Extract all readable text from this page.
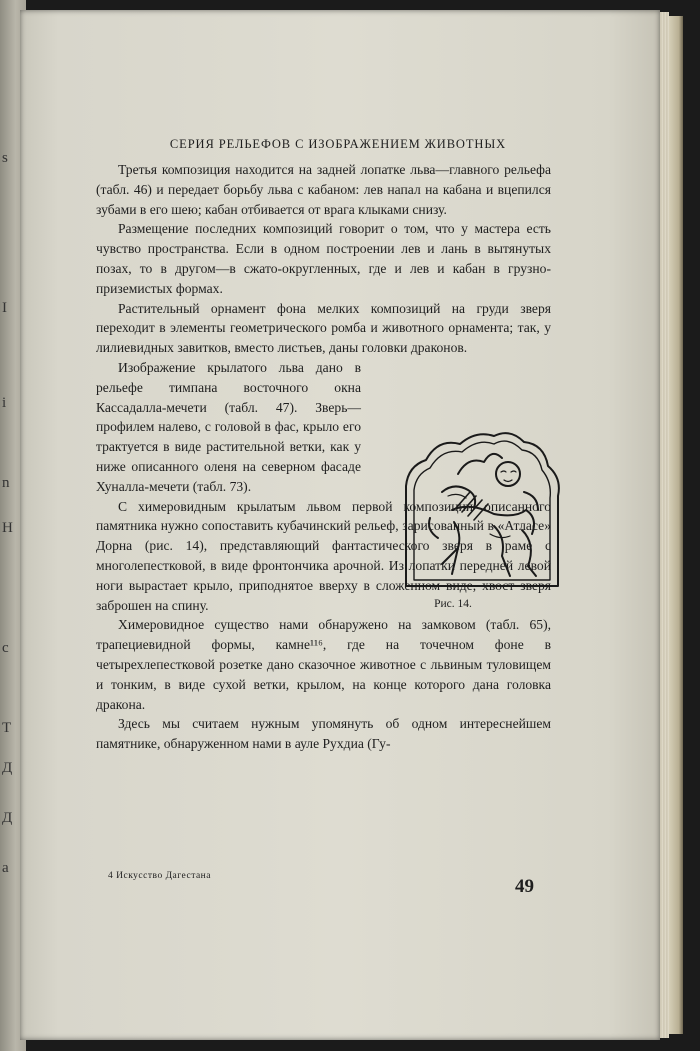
s
I
i
n
H
c
T
Д
Д
a
СЕРИЯ РЕЛЬЕФОВ С ИЗОБРАЖЕНИЕМ ЖИВОТНЫХ

Третья композиция находится на задней лопатке льва—главного рельефа (табл. 46) и передает борьбу льва с кабаном: лев напал на кабана и вцепился зубами в его шею; кабан отбивается от врага клыками снизу.

Размещение последних композиций говорит о том, что у мастера есть чувство пространства. Если в одном построении лев и лань в вытянутых позах, то в другом—в сжато-округленных, где и лев и кабан в грузно-приземистых формах.

Растительный орнамент фона мелких композиций на груди зверя переходит в элементы геометрического ромба и животного орнамента; так, у лилиевидных завитков, вместо листьев, даны головки драконов.

Изображение крылатого льва дано в рельефе тимпана восточного окна Кассадалла-мечети (табл. 47). Зверь—профилем налево, с головой в фас, крыло его трактуется в виде растительной ветки, как у ниже описанного оленя на северном фасаде Хуналла-мечети (табл. 73).

С химеровидным крылатым львом первой композиции описанного памятника нужно сопоставить кубачинский рельеф, зарисованный в «Атласе» Дорна (рис. 14), представляющий фантастического зверя в раме с многолепестковой, в виде фронтончика арочной. Из лопатки передней левой ноги вырастает крыло, приподнятое вверху в сложенном виде, хвост зверя заброшен на спину.

Химеровидное существо нами обнаружено на замковом (табл. 65), трапециевидной формы, камне¹¹⁶, где на точечном фоне в четырехлепестковой розетке дано сказочное животное с львиным туловищем и тонким, в виде сухой ветки, крылом, на конце которого дана головка дракона.

Здесь мы считаем нужным упомянуть об одном интереснейшем памятнике, обнаруженном нами в ауле Рухдиа (Гу-

Рис. 14.
4 Искусство Дагестана	49
